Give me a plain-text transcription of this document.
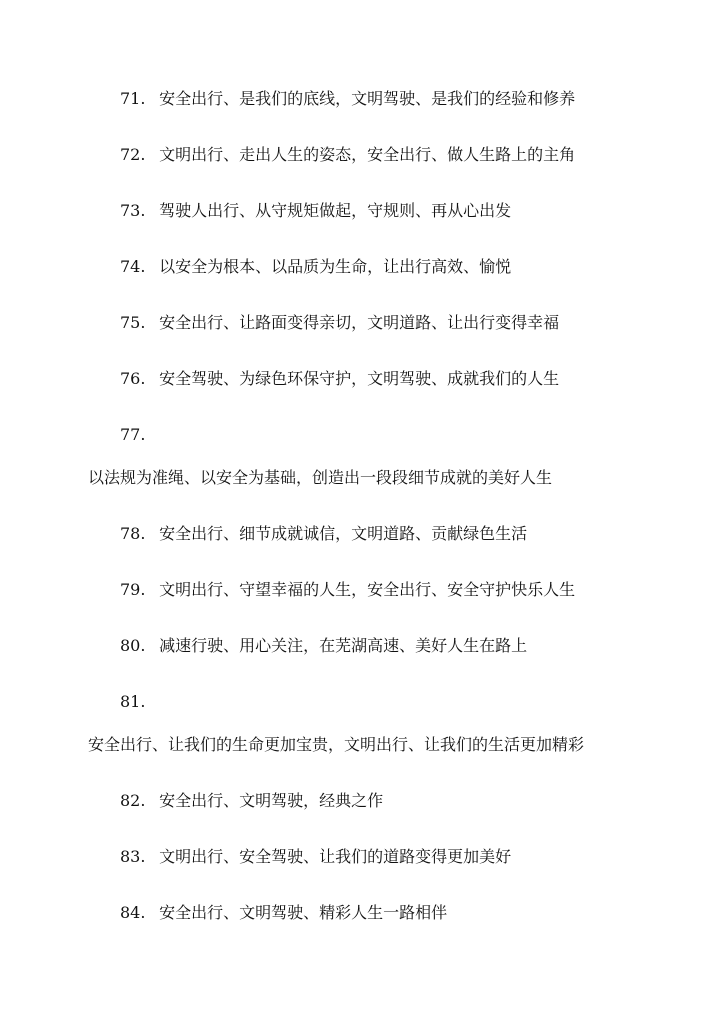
71. 安全出行、是我们的底线，文明驾驶、是我们的经验和修养
72. 文明出行、走出人生的姿态，安全出行、做人生路上的主角
73. 驾驶人出行、从守规矩做起，守规则、再从心出发
74. 以安全为根本、以品质为生命，让出行高效、愉悦
75. 安全出行、让路面变得亲切，文明道路、让出行变得幸福
76. 安全驾驶、为绿色环保守护，文明驾驶、成就我们的人生
77.
以法规为准绳、以安全为基础，创造出一段段细节成就的美好人生
78. 安全出行、细节成就诚信，文明道路、贡献绿色生活
79. 文明出行、守望幸福的人生，安全出行、安全守护快乐人生
80. 减速行驶、用心关注，在芜湖高速、美好人生在路上
81.
安全出行、让我们的生命更加宝贵，文明出行、让我们的生活更加精彩
82. 安全出行、文明驾驶，经典之作
83. 文明出行、安全驾驶、让我们的道路变得更加美好
84. 安全出行、文明驾驶、精彩人生一路相伴
